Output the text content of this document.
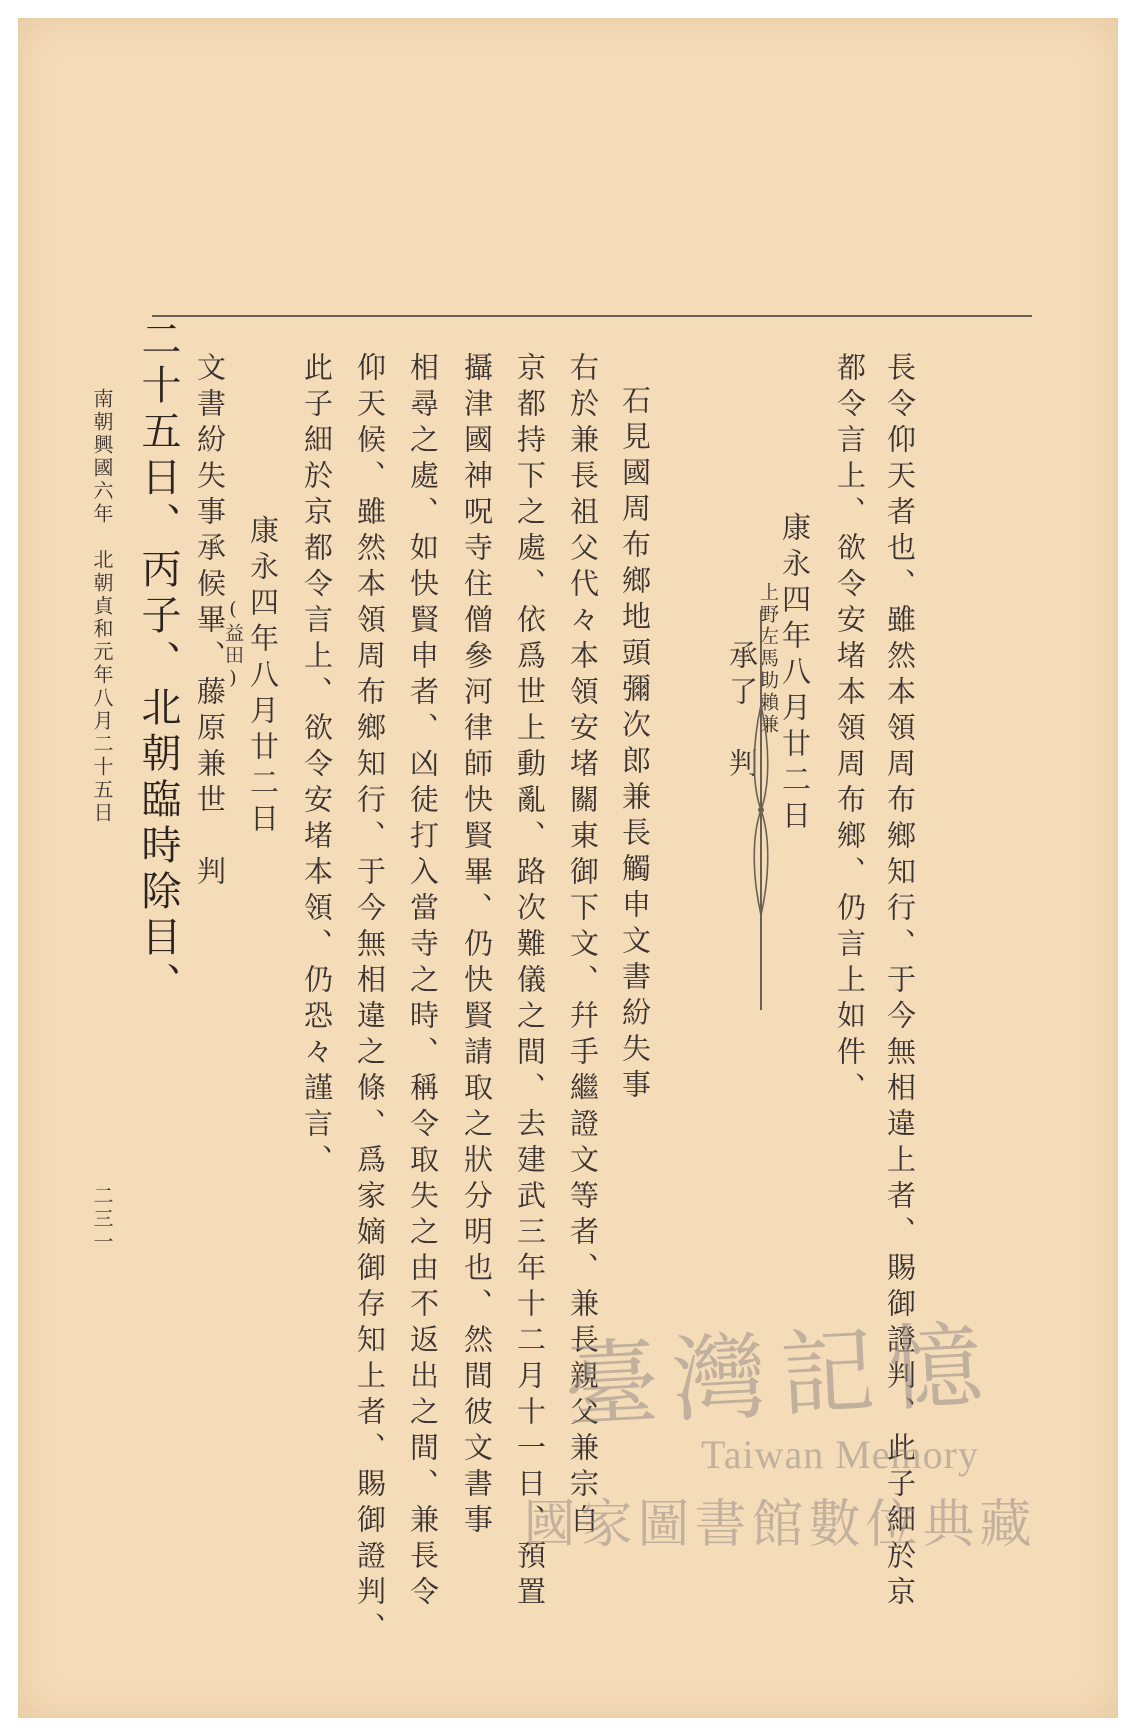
長令仰天者也、雖然本領周布鄉知行、于今無相違上者、賜御證判、此子細於京
都令言上、欲令安堵本領周布鄉、仍言上如件、
康永四年八月廿二日
上野左馬助賴兼
承了　判
石見國周布鄉地頭彌次郎兼長觸申文書紛失事
右於兼長祖父代々本領安堵關東御下文、幷手繼證文等者、兼長親父兼宗自
京都持下之處、依爲世上動亂、路次難儀之間、去建武三年十二月十一日、預置
攝津國神呪寺住僧參河律師快賢畢、仍快賢請取之狀分明也、然間彼文書事
相尋之處、如快賢申者、凶徒打入當寺之時、稱令取失之由不返出之間、兼長令
仰天候、雖然本領周布鄉知行、于今無相違之條、爲家嫡御存知上者、賜御證判、
此子細於京都令言上、欲令安堵本領、仍恐々謹言、
康永四年八月廿二日
(益田)
文書紛失事承候畢、藤原兼世　判
二十五日、丙子、北朝臨時除目、
南朝興國六年　北朝貞和元年八月二十五日
二三一
臺灣記憶
Taiwan Memory
國家圖書館數位典藏
